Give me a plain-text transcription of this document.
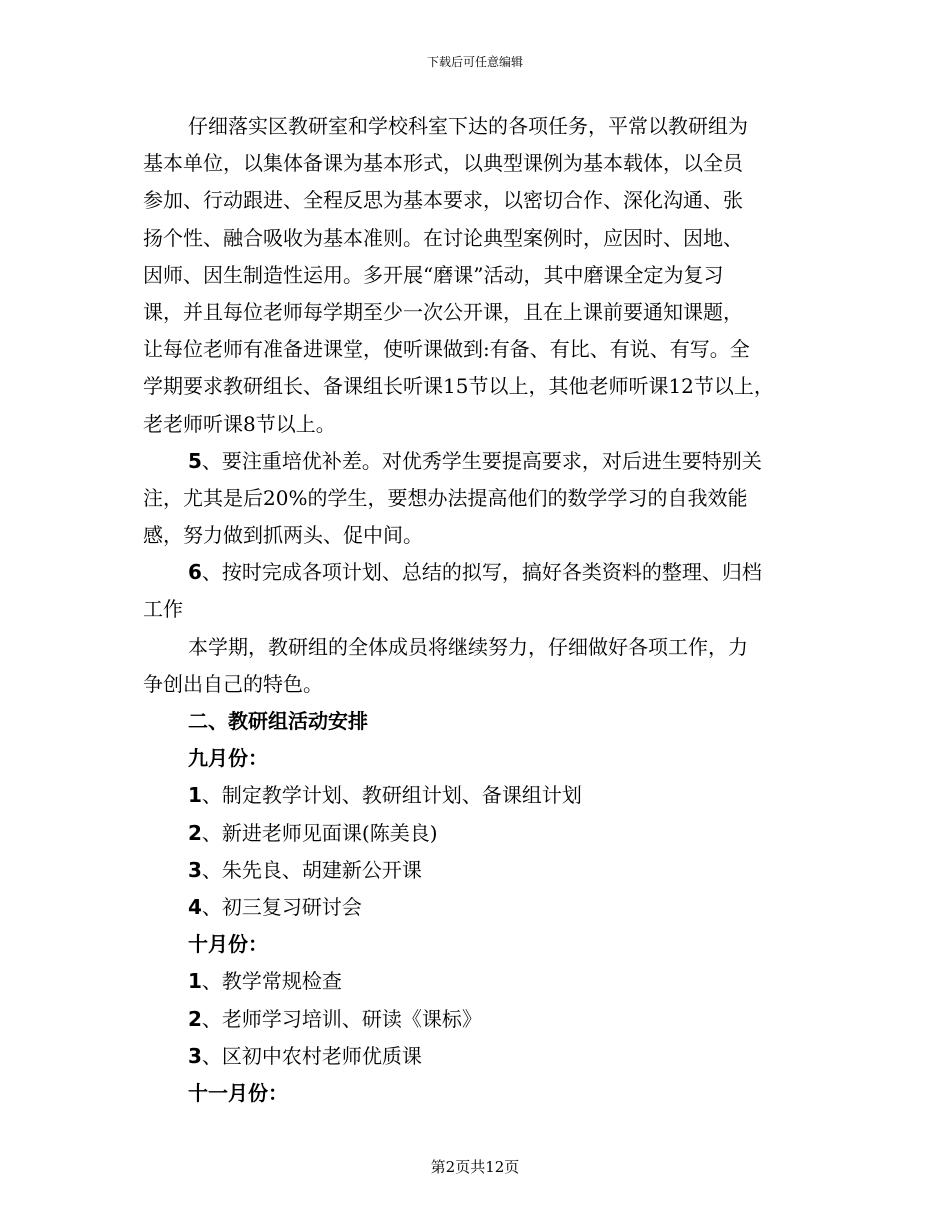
下载后可任意编辑
仔细落实区教研室和学校科室下达的各项任务，平常以教研组为
基本单位，以集体备课为基本形式，以典型课例为基本载体，以全员
参加、行动跟进、全程反思为基本要求，以密切合作、深化沟通、张
扬个性、融合吸收为基本准则。在讨论典型案例时，应因时、因地、
因师、因生制造性运用。多开展“磨课”活动，其中磨课全定为复习
课，并且每位老师每学期至少一次公开课，且在上课前要通知课题，
让每位老师有准备进课堂，使听课做到:有备、有比、有说、有写。全
学期要求教研组长、备课组长听课15节以上，其他老师听课12节以上，
老老师听课8节以上。
5、要注重培优补差。对优秀学生要提高要求，对后进生要特别关
注，尤其是后20%的学生，要想办法提高他们的数学学习的自我效能
感，努力做到抓两头、促中间。
6、按时完成各项计划、总结的拟写，搞好各类资料的整理、归档
工作
本学期，教研组的全体成员将继续努力，仔细做好各项工作，力
争创出自己的特色。
二、教研组活动安排
九月份：
1、制定教学计划、教研组计划、备课组计划
2、新进老师见面课(陈美良)
3、朱先良、胡建新公开课
4、初三复习研讨会
十月份：
1、教学常规检查
2、老师学习培训、研读《课标》
3、区初中农村老师优质课
十一月份：
第2页共12页
